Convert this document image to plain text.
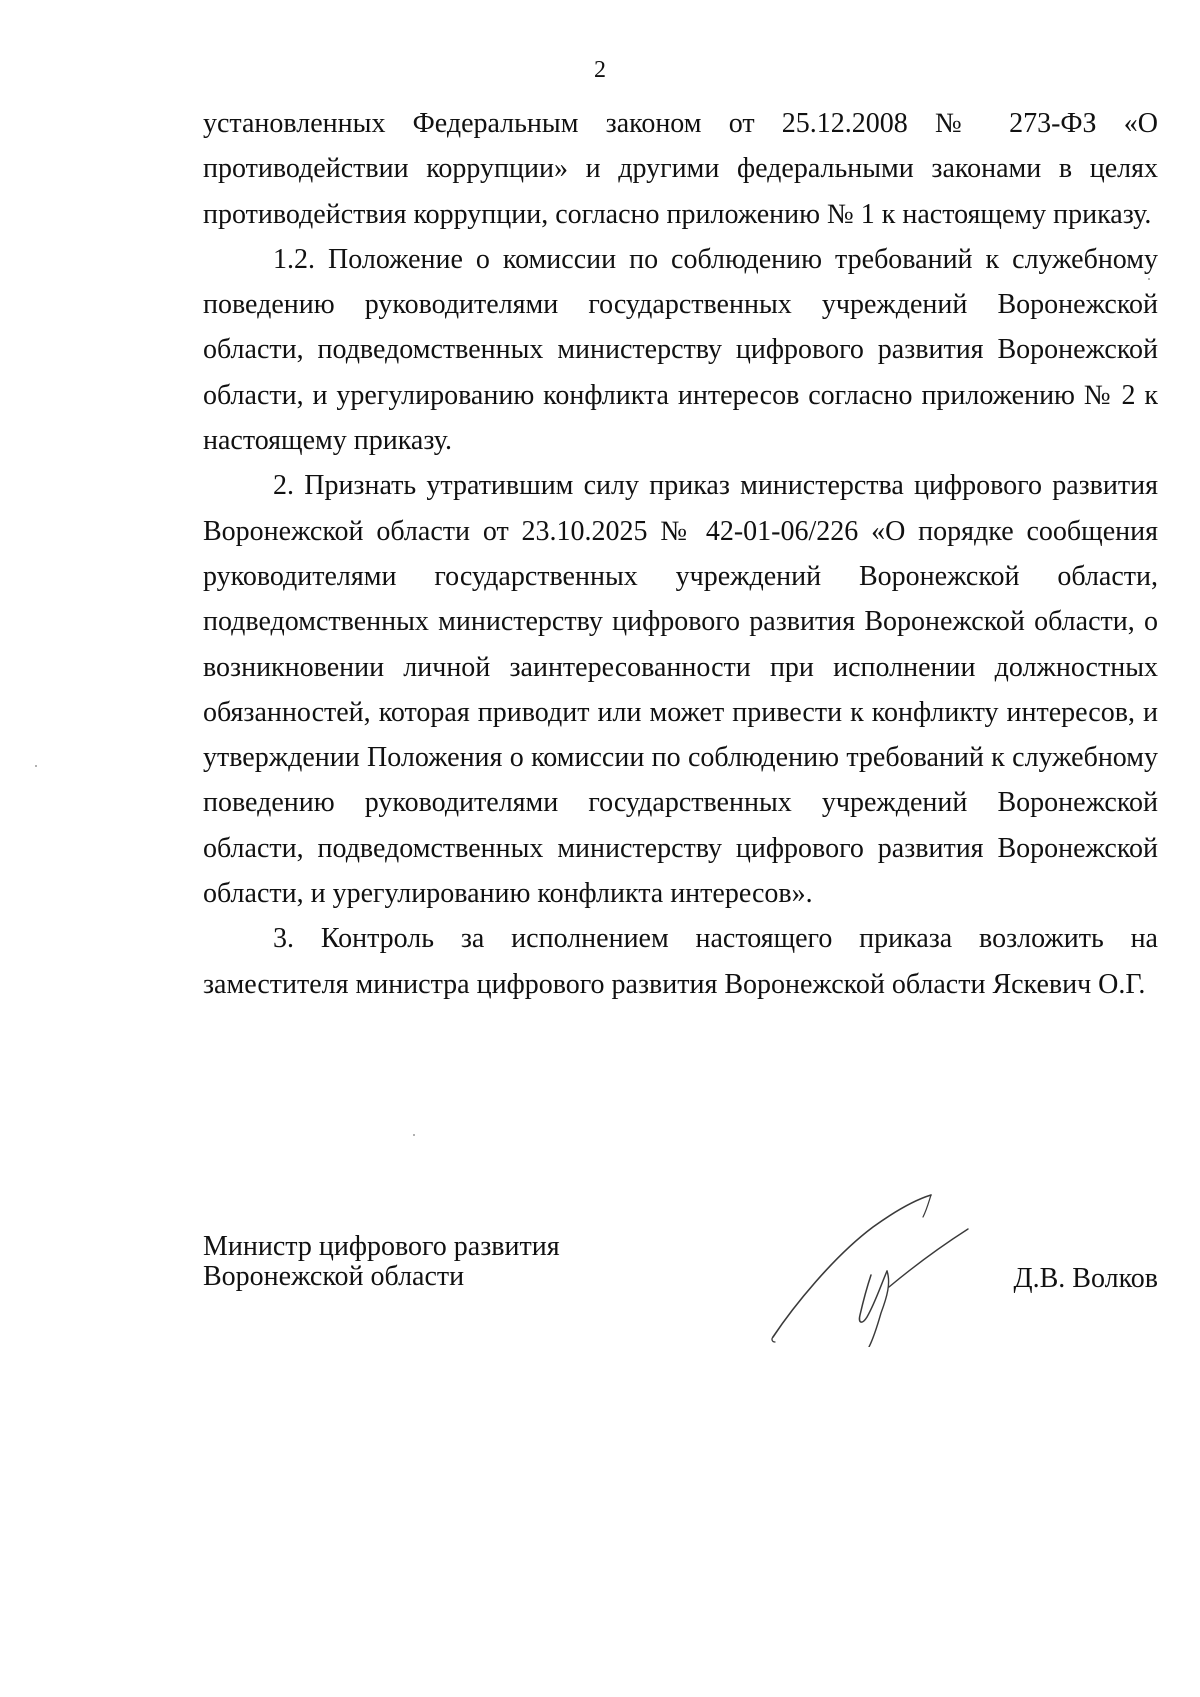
2

установленных Федеральным законом от 25.12.2008 № 273-ФЗ «О противодействии коррупции» и другими федеральными законами в целях противодействия коррупции, согласно приложению № 1 к настоящему приказу.

1.2. Положение о комиссии по соблюдению требований к служебному поведению руководителями государственных учреждений Воронежской области, подведомственных министерству цифрового развития Воронежской области, и урегулированию конфликта интересов согласно приложению № 2 к настоящему приказу.

2. Признать утратившим силу приказ министерства цифрового развития Воронежской области от 23.10.2025 № 42-01-06/226 «О порядке сообщения руководителями государственных учреждений Воронежской области, подведомственных министерству цифрового развития Воронежской области, о возникновении личной заинтересованности при исполнении должностных обязанностей, которая приводит или может привести к конфликту интересов, и утверждении Положения о комиссии по соблюдению требований к служебному поведению руководителями государственных учреждений Воронежской области, подведомственных министерству цифрового развития Воронежской области, и урегулированию конфликта интересов».

3. Контроль за исполнением настоящего приказа возложить на заместителя министра цифрового развития Воронежской области Яскевич О.Г.

Министр цифрового развития
Воронежской области	Д.В. Волков
